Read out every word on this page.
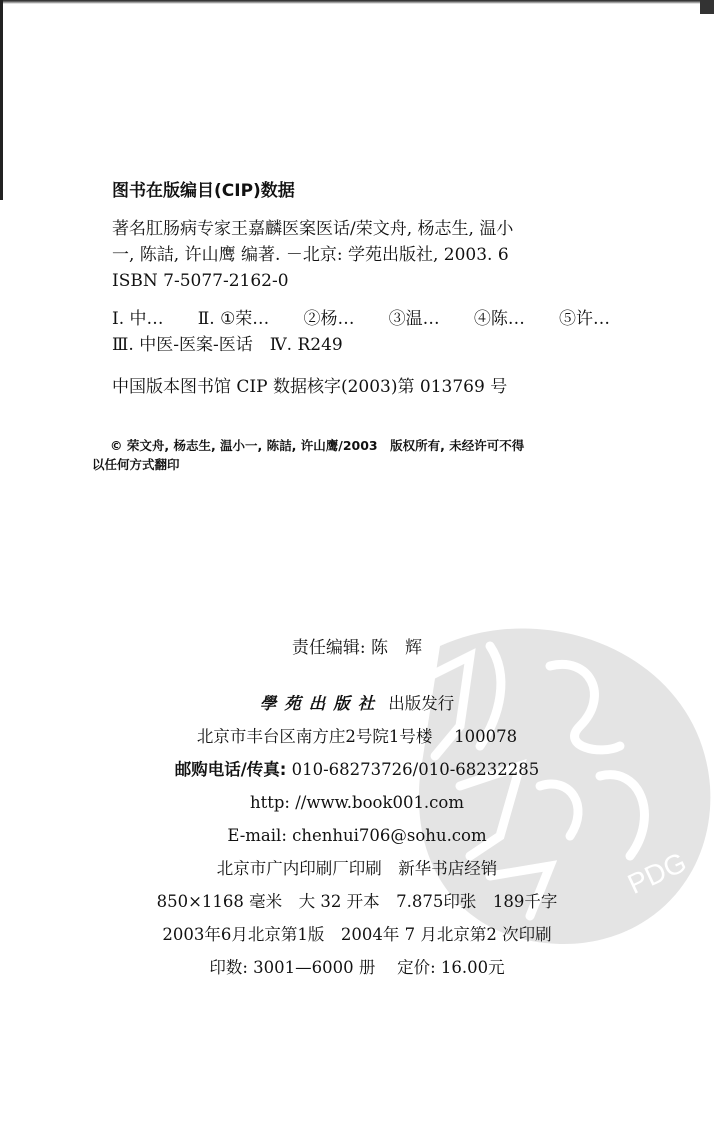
图书在版编目(CIP)数据

著名肛肠病专家王嘉麟医案医话/荣文舟, 杨志生, 温小

一, 陈詰, 许山鹰 编著. －北京: 学苑出版社, 2003. 6

ISBN 7-5077-2162-0

Ⅰ. 中… Ⅱ. ①荣… ②杨… ③温… ④陈… ⑤许…

Ⅲ. 中医-医案-医话　Ⅳ. R249

中国版本图书馆 CIP 数据核字(2003)第 013769 号

© 荣文舟, 杨志生, 温小一, 陈詰, 许山鹰/2003　版权所有, 未经许可不得

以任何方式翻印

责任编辑: 陈　辉
PDG

學苑出版社 出版发行

北京市丰台区南方庄2号院1号楼　 100078

邮购电话/传真: 010-68273726/010-68232285

http: //www.book001.com

E-mail: chenhui706@sohu.com

北京市广内印刷厂印刷　新华书店经销

850×1168 毫米　大 32 开本　7.875印张　189千字

2003年6月北京第1版　2004年 7 月北京第2 次印刷

印数: 3001—6000 册　 定价: 16.00元
